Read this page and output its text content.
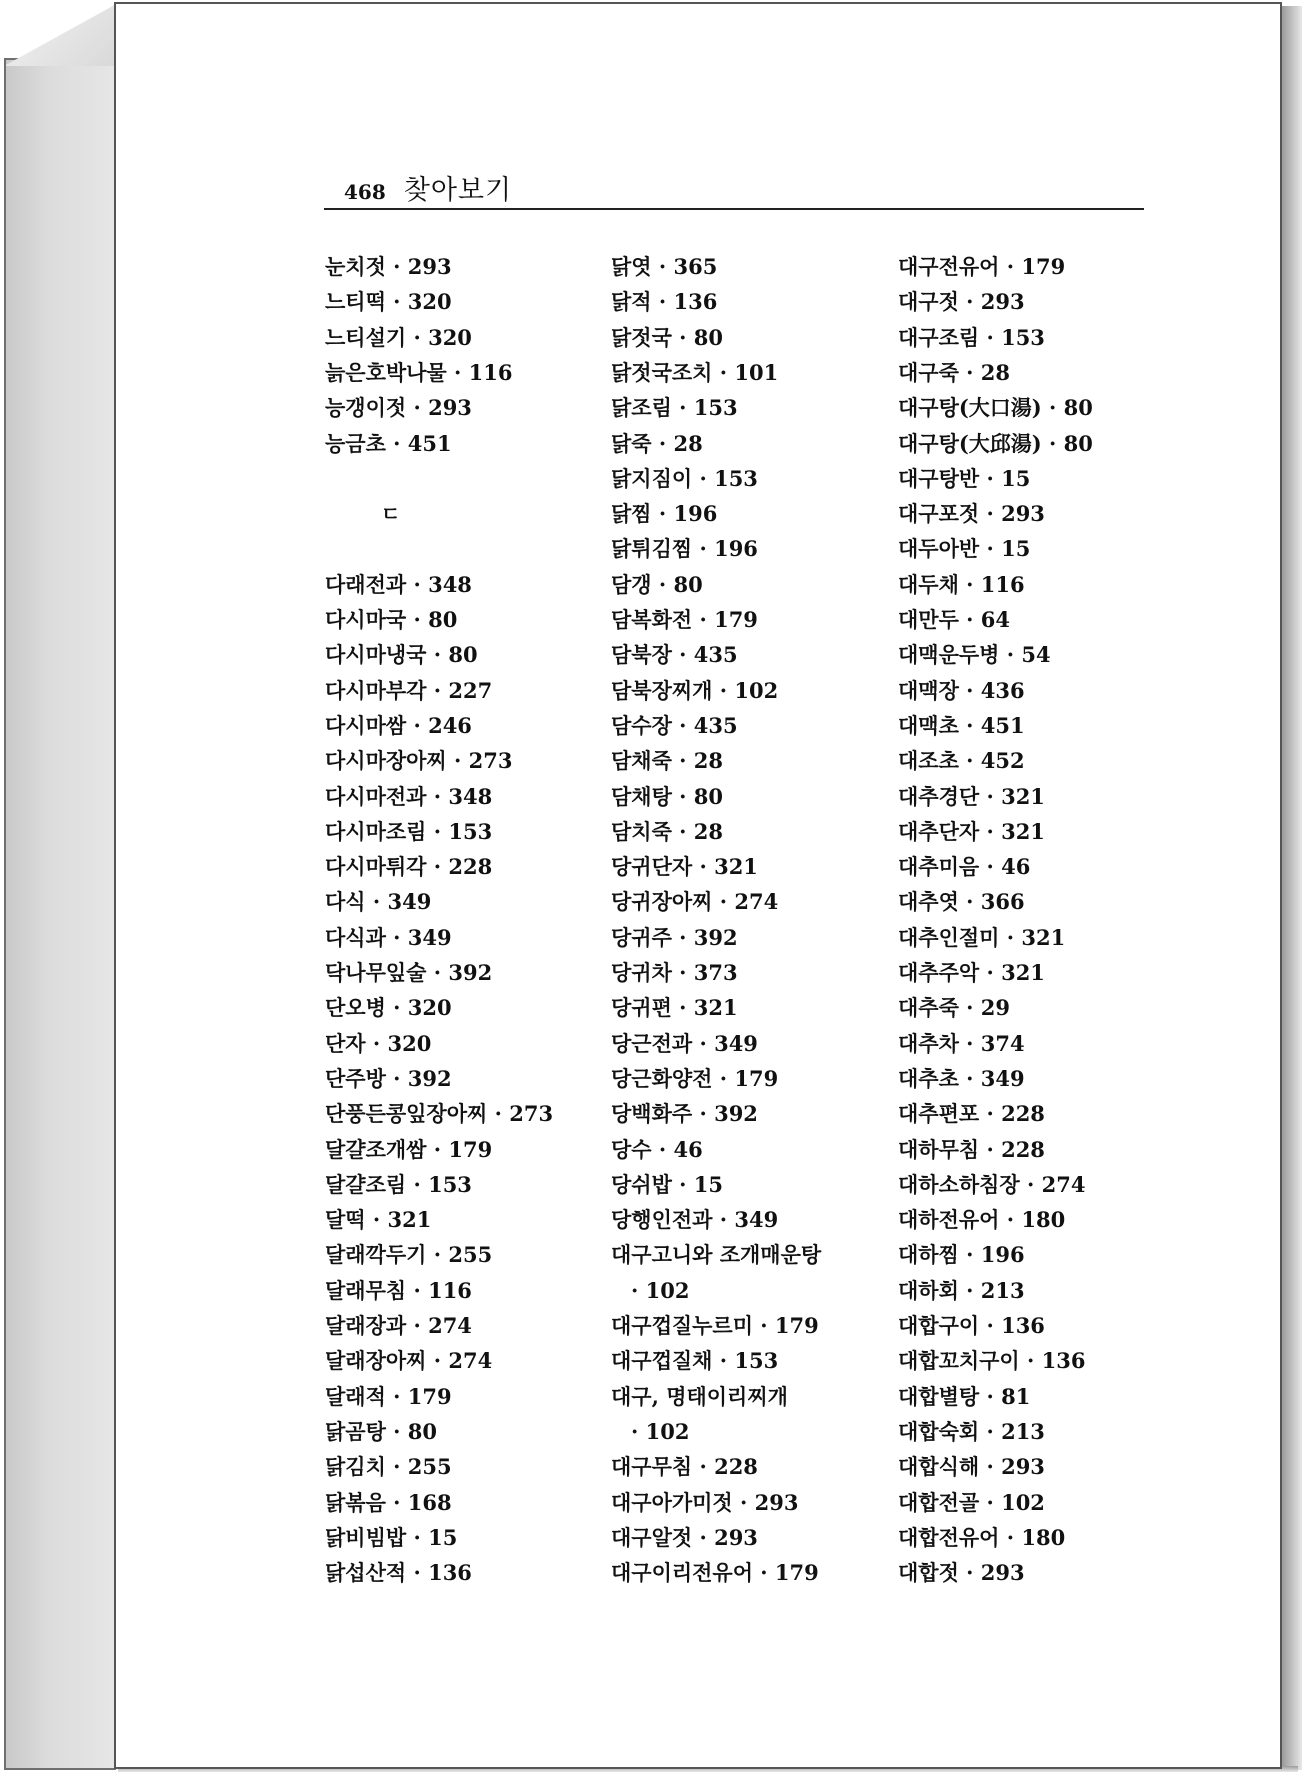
468 찾아보기
눈치젓 · 293
느티떡 · 320
느티설기 · 320
늙은호박나물 · 116
능갱이젓 · 293
능금초 · 451
ㄷ
다래전과 · 348
다시마국 · 80
다시마냉국 · 80
다시마부각 · 227
다시마쌈 · 246
다시마장아찌 · 273
다시마전과 · 348
다시마조림 · 153
다시마튀각 · 228
다식 · 349
다식과 · 349
닥나무잎술 · 392
단오병 · 320
단자 · 320
단주방 · 392
단풍든콩잎장아찌 · 273
달걀조개쌈 · 179
달걀조림 · 153
달떡 · 321
달래깍두기 · 255
달래무침 · 116
달래장과 · 274
달래장아찌 · 274
달래적 · 179
닭곰탕 · 80
닭김치 · 255
닭볶음 · 168
닭비빔밥 · 15
닭섭산적 · 136
닭엿 · 365
닭적 · 136
닭젓국 · 80
닭젓국조치 · 101
닭조림 · 153
닭죽 · 28
닭지짐이 · 153
닭찜 · 196
닭튀김찜 · 196
담갱 · 80
담복화전 · 179
담북장 · 435
담북장찌개 · 102
담수장 · 435
담채죽 · 28
담채탕 · 80
담치죽 · 28
당귀단자 · 321
당귀장아찌 · 274
당귀주 · 392
당귀차 · 373
당귀편 · 321
당근전과 · 349
당근화양전 · 179
당백화주 · 392
당수 · 46
당쉬밥 · 15
당행인전과 · 349
대구고니와 조개매운탕
· 102
대구껍질누르미 · 179
대구껍질채 · 153
대구, 명태이리찌개
· 102
대구무침 · 228
대구아가미젓 · 293
대구알젓 · 293
대구이리전유어 · 179
대구전유어 · 179
대구젓 · 293
대구조림 · 153
대구죽 · 28
대구탕(大口湯) · 80
대구탕(大邱湯) · 80
대구탕반 · 15
대구포젓 · 293
대두아반 · 15
대두채 · 116
대만두 · 64
대맥운두병 · 54
대맥장 · 436
대맥초 · 451
대조초 · 452
대추경단 · 321
대추단자 · 321
대추미음 · 46
대추엿 · 366
대추인절미 · 321
대추주악 · 321
대추죽 · 29
대추차 · 374
대추초 · 349
대추편포 · 228
대하무침 · 228
대하소하침장 · 274
대하전유어 · 180
대하찜 · 196
대하회 · 213
대합구이 · 136
대합꼬치구이 · 136
대합별탕 · 81
대합숙회 · 213
대합식해 · 293
대합전골 · 102
대합전유어 · 180
대합젓 · 293
